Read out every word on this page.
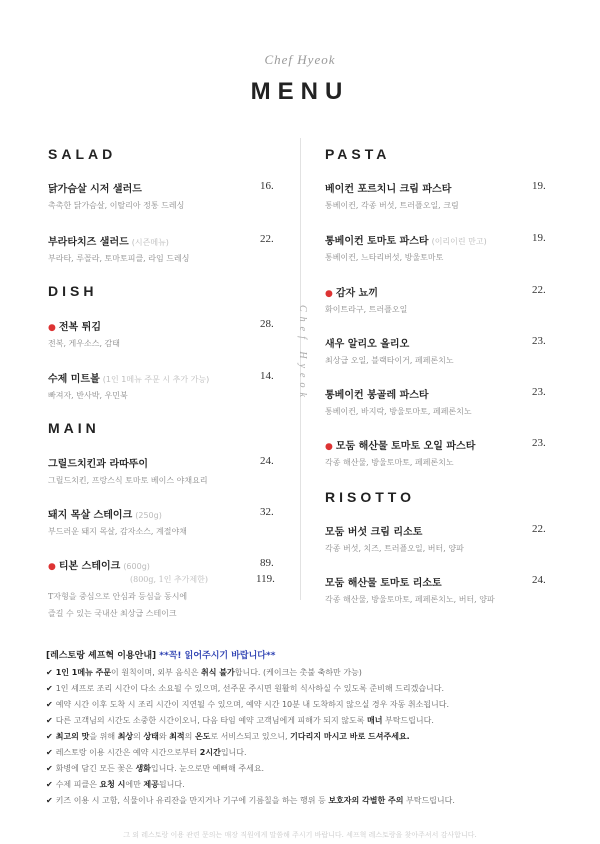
Chef Hyeok
MENU
Chef Hyeok
SALAD
닭가슴살 시저 샐러드	16.
촉촉한 닭가슴살, 이탈리아 정통 드레싱
부라타치즈 샐러드 (시즌메뉴)	22.
부라타, 루꼴라, 토마토피클, 라임 드레싱
DISH
● 전복 튀김	28.
전복, 게우소스, 감태
수제 미트볼 (1인 1메뉴 주문 시 추가 가능)	14.
빠져자, 반사박, 우민북
MAIN
그릴드치킨과 라따뚜이	24.
그릴드치킨, 프랑스식 토마토 베이스 야채요리
돼지 목살 스테이크 (250g)	32.
부드러운 돼지 목살, 감자소스, 계절야채
● 티본 스테이크 (600g)	89.
(800g, 1인 추가제한)	119.
T자형을 중심으로 안심과 등심을 동시에
즐길 수 있는 국내산 최상급 스테이크
PASTA
베이컨 포르치니 크림 파스타	19.
통베이컨, 각종 버섯, 트러플오일, 크림
통베이컨 토마토 파스타 (이리이린 만고)	19.
통베이컨, 느타리버섯, 방울토마토
● 감자 뇨끼	22.
화이트라구, 트러플오일
새우 알리오 올리오	23.
최상급 오일, 블랙타이거, 페페론치노
통베이컨 봉골레 파스타	23.
통베이컨, 바지락, 방울토마토, 페페론치노
● 모둠 해산물 토마토 오일 파스타	23.
각종 해산물, 방울토마토, 페페론치노
RISOTTO
모둠 버섯 크림 리소토	22.
각종 버섯, 치즈, 트러플오일, 버터, 양파
모둠 해산물 토마토 리소토	24.
각종 해산물, 방울토마토, 페페론치노, 버터, 양파
[레스토랑 셰프혁 이용안내] **꼭! 읽어주시기 바랍니다**
✔ 1인 1메뉴 주문이 원칙이며, 외부 음식은 취식 불가합니다. (케이크는 촛불 축하만 가능)
✔ 1인 셰프로 조리 시간이 다소 소요될 수 있으며, 선주문 주시면 원활히 식사하실 수 있도록 준비해 드리겠습니다.
✔ 예약 시간 이후 도착 시 조리 시간이 지연될 수 있으며, 예약 시간 10분 내 도착하지 않으실 경우 자동 취소됩니다.
✔ 다른 고객님의 시간도 소중한 시간이오니, 다음 타임 예약 고객님에게 피해가 되지 않도록 매너 부탁드립니다.
✔ 최고의 맛을 위해 최상의 상태와 최적의 온도로 서비스되고 있으니, 기다리지 마시고 바로 드셔주세요.
✔ 레스토랑 이용 시간은 예약 시간으로부터 2시간입니다.
✔ 화병에 담긴 모든 꽃은 생화입니다. 눈으로만 예뻐해 주세요.
✔ 수제 피클은 요청 시에만 제공됩니다.
✔ 키즈 이용 시 고함, 식물이나 유리잔을 만지거나 기구에 기름칠을 하는 행위 등 보호자의 각별한 주의 부탁드립니다.
그 외 레스토랑 이용 관련 문의는 매장 직원에게 말씀해 주시기 바랍니다. 셰프혁 레스토랑을 찾아주셔서 감사합니다.
